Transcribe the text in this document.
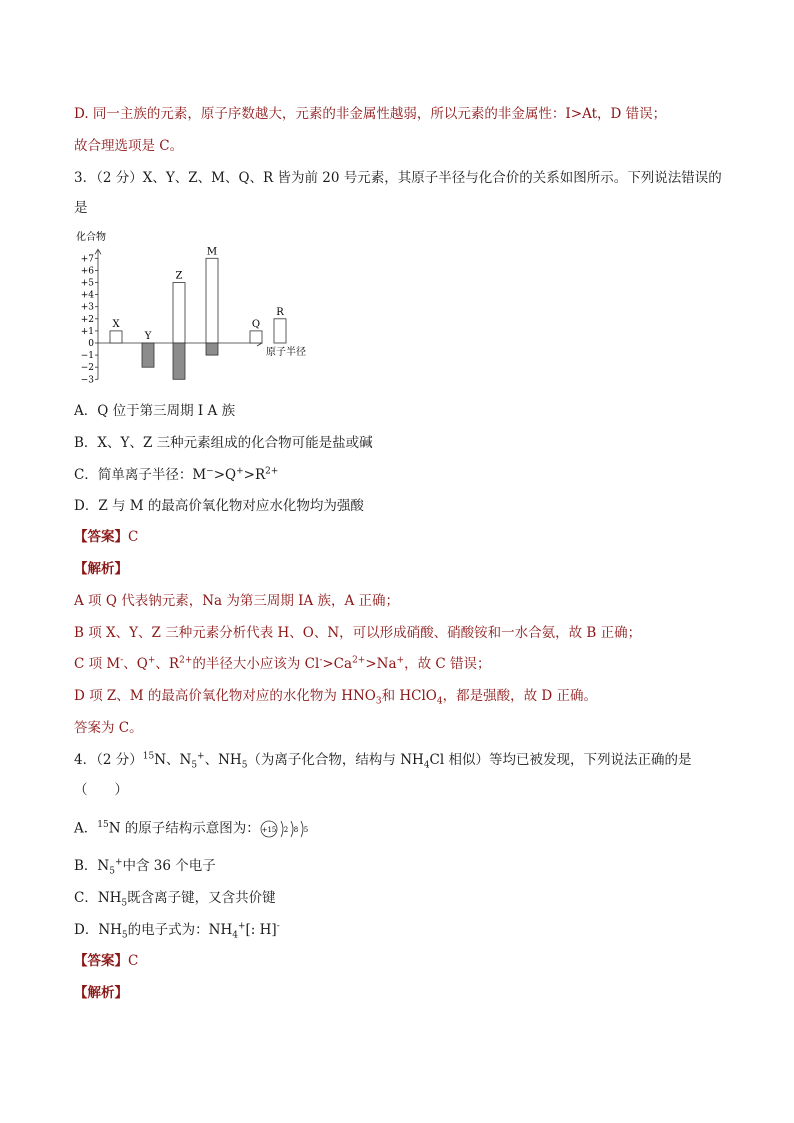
D. 同一主族的元素，原子序数越大，元素的非金属性越弱，所以元素的非金属性：I>At，D 错误；
故合理选项是 C。
3．（2 分）X、Y、Z、M、Q、R 皆为前 20 号元素，其原子半径与化合价的关系如图所示。下列说法错误的
是
化合物
+7
+6
+5
+4
+3
+2
+1
0
−1
−2
−3
X
Y
Z
M
Q
R
原子半径
A．Q 位于第三周期 I A 族
B．X、Y、Z 三种元素组成的化合物可能是盐或碱
C．简单离子半径：$M^->Q^+>R^{2+}$
D．Z 与 M 的最高价氧化物对应水化物均为强酸
【答案】C
【解析】
A 项 Q 代表钠元素，Na 为第三周期 IA 族，A 正确；
B 项 X、Y、Z 三种元素分析代表 H、O、N，可以形成硝酸、硝酸铵和一水合氨，故 B 正确；
C 项 M-、Q+、$R^{2+}$的半径大小应该为 $Cl^->Ca^{2+}>Na^+$，故 C 错误；
D 项 Z、M 的最高价氧化物对应的水化物为 $HNO_3$和 HClO$_4$，都是强酸，故 D 正确。
答案为 C。
4．（2 分）$^{15}$N、$N_5^+$、$NH_5$（为离子化合物，结构与 $NH_4Cl$ 相似）等均已被发现，下列说法正确的是
（　　）
A．$^{15}$N 的原子结构示意图为： +15 2 8 5
B．$N_5^+$中含 36 个电子
C．$NH_5$既含离子键，又含共价键
D．$NH_5$的电子式为：$NH_4^+$[: H]-
【答案】C
【解析】
